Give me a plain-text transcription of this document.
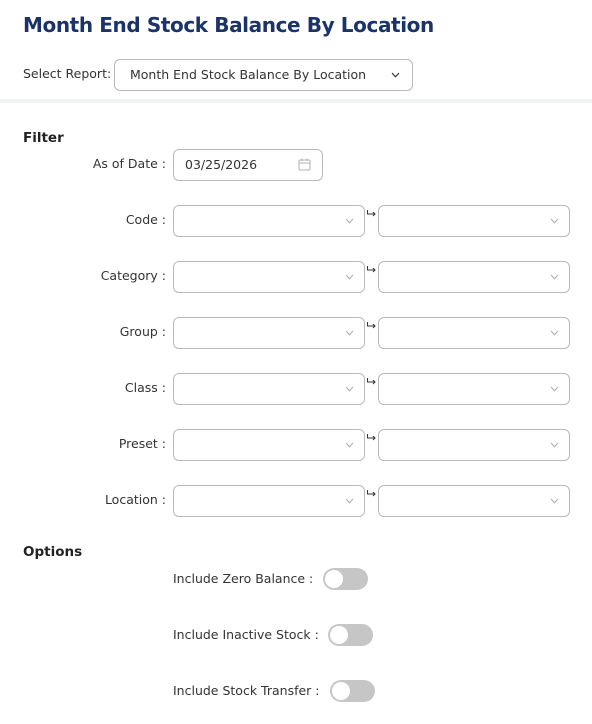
Month End Stock Balance By Location
Select Report:	Month End Stock Balance By Location
Filter
As of Date :	03/25/2026
Code :
Category :
Group :
Class :
Preset :
Location :
Options
Include Zero Balance :
Include Inactive Stock :
Include Stock Transfer :
